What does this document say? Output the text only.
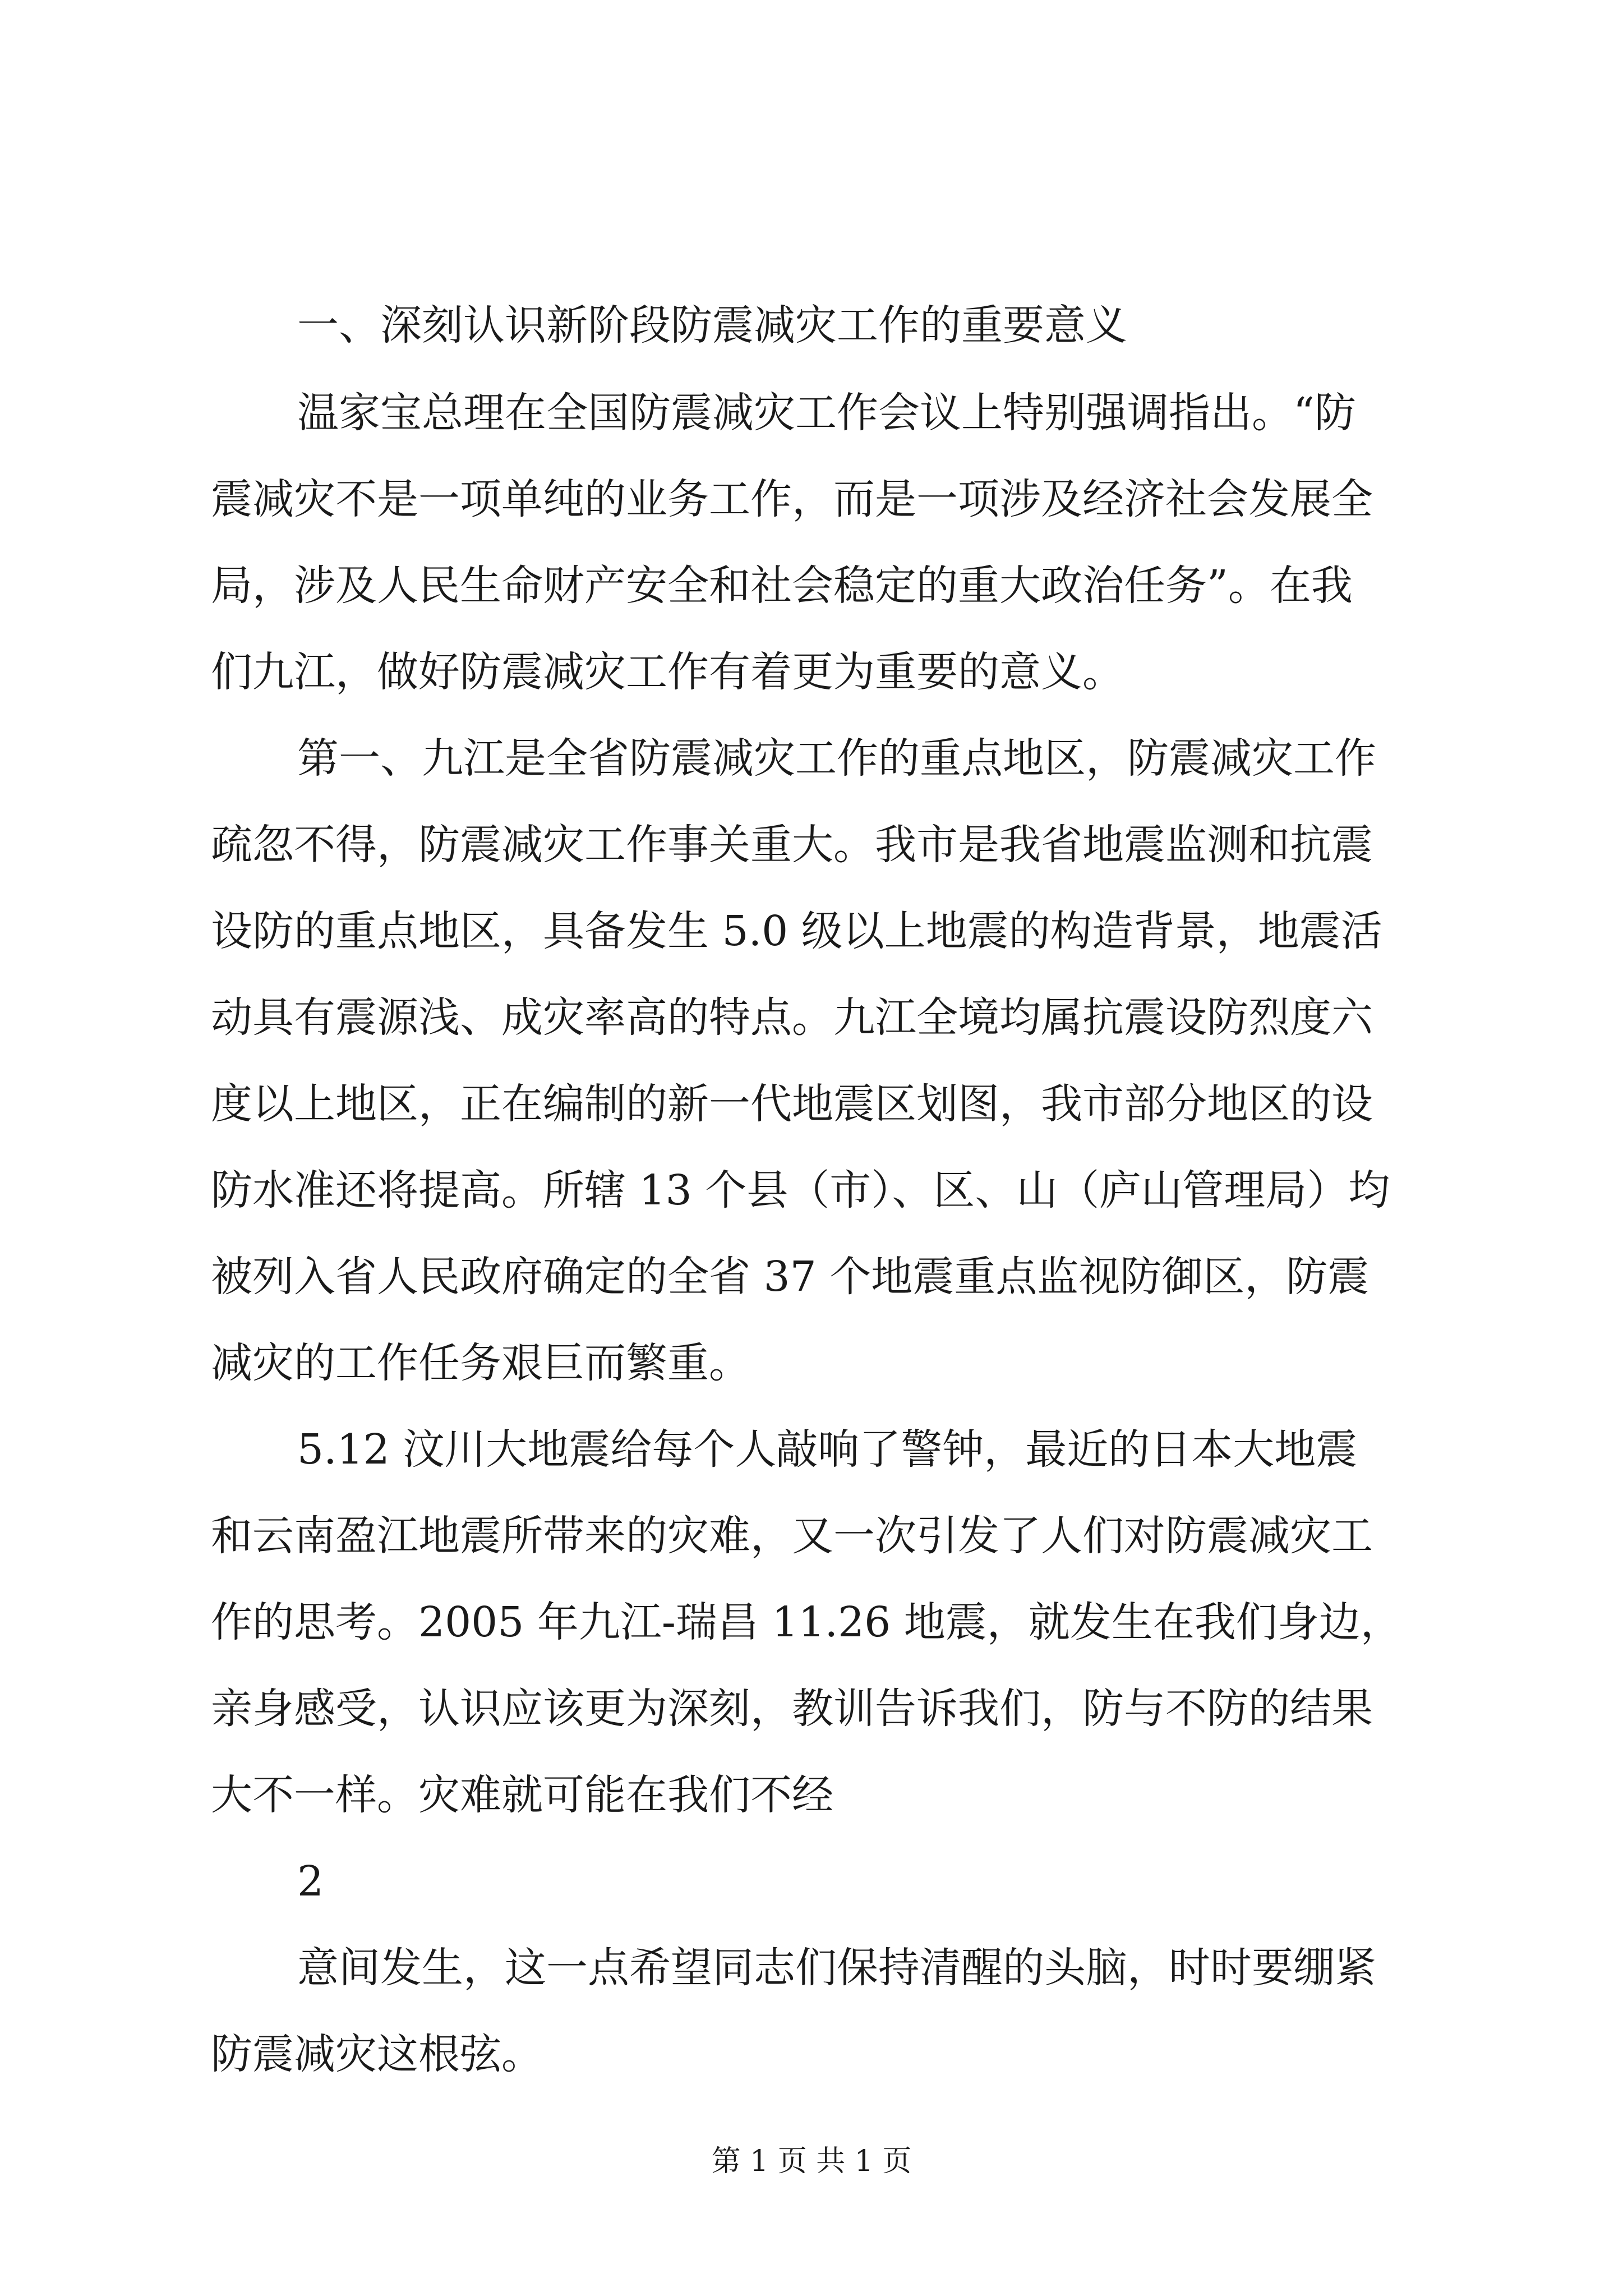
一、深刻认识新阶段防震减灾工作的重要意义

温家宝总理在全国防震减灾工作会议上特别强调指出。“防

震减灾不是一项单纯的业务工作，而是一项涉及经济社会发展全

局，涉及人民生命财产安全和社会稳定的重大政治任务”。在我

们九江，做好防震减灾工作有着更为重要的意义。

第一、九江是全省防震减灾工作的重点地区，防震减灾工作

疏忽不得，防震减灾工作事关重大。我市是我省地震监测和抗震

设防的重点地区，具备发生 5.0 级以上地震的构造背景，地震活

动具有震源浅、成灾率高的特点。九江全境均属抗震设防烈度六

度以上地区，正在编制的新一代地震区划图，我市部分地区的设

防水准还将提高。所辖 13 个县（市）、区、山（庐山管理局）均

被列入省人民政府确定的全省 37 个地震重点监视防御区，防震

减灾的工作任务艰巨而繁重。

5.12 汶川大地震给每个人敲响了警钟，最近的日本大地震

和云南盈江地震所带来的灾难，又一次引发了人们对防震减灾工

作的思考。2005 年九江-瑞昌 11.26 地震，就发生在我们身边，

亲身感受，认识应该更为深刻，教训告诉我们，防与不防的结果

大不一样。灾难就可能在我们不经

2

意间发生，这一点希望同志们保持清醒的头脑，时时要绷紧

防震减灾这根弦。

第 1 页 共 1 页
